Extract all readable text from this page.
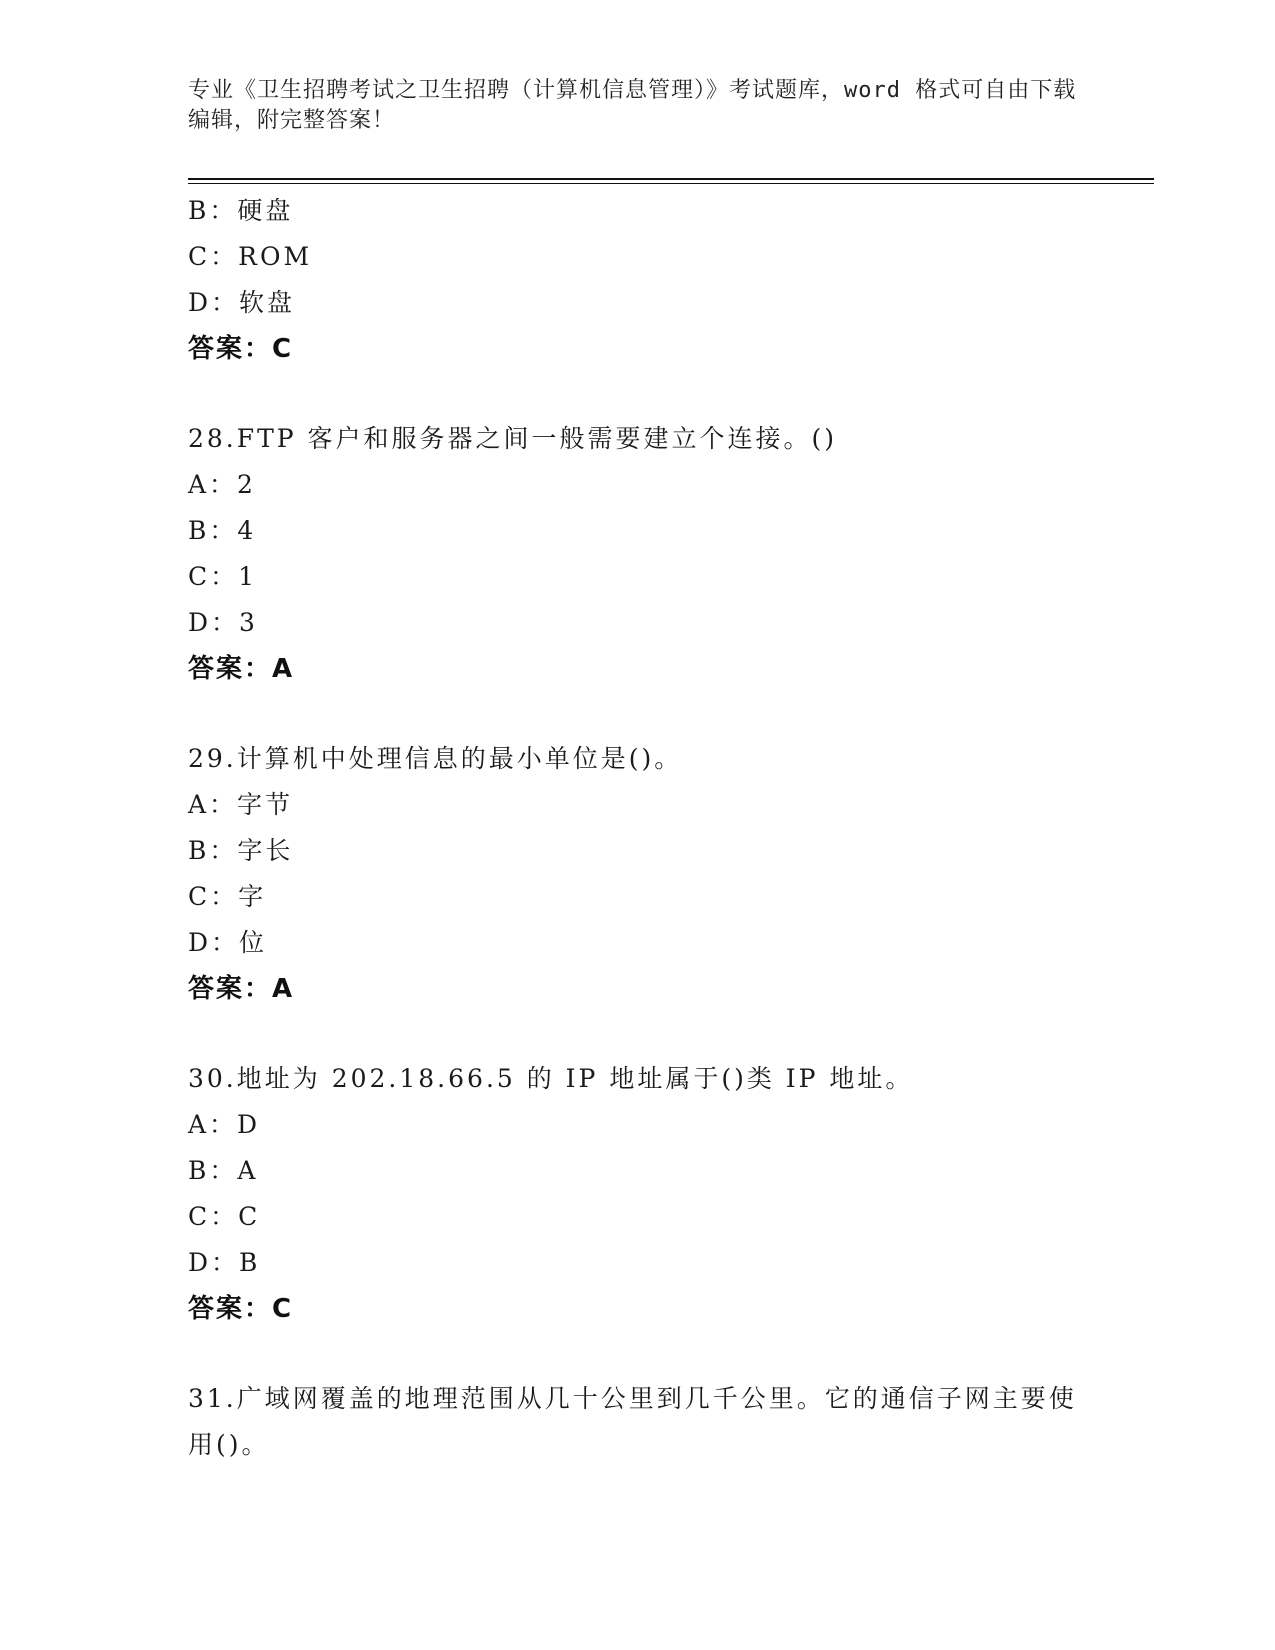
专业《卫生招聘考试之卫生招聘（计算机信息管理）》考试题库，word 格式可自由下载编辑，附完整答案！
B：硬盘
C：ROM
D：软盘
答案：C
28.FTP 客户和服务器之间一般需要建立个连接。()
A：2
B：4
C：1
D：3
答案：A
29.计算机中处理信息的最小单位是()。
A：字节
B：字长
C：字
D：位
答案：A
30.地址为 202.18.66.5 的 IP 地址属于()类 IP 地址。
A：D
B：A
C：C
D：B
答案：C
31.广域网覆盖的地理范围从几十公里到几千公里。它的通信子网主要使用()。
